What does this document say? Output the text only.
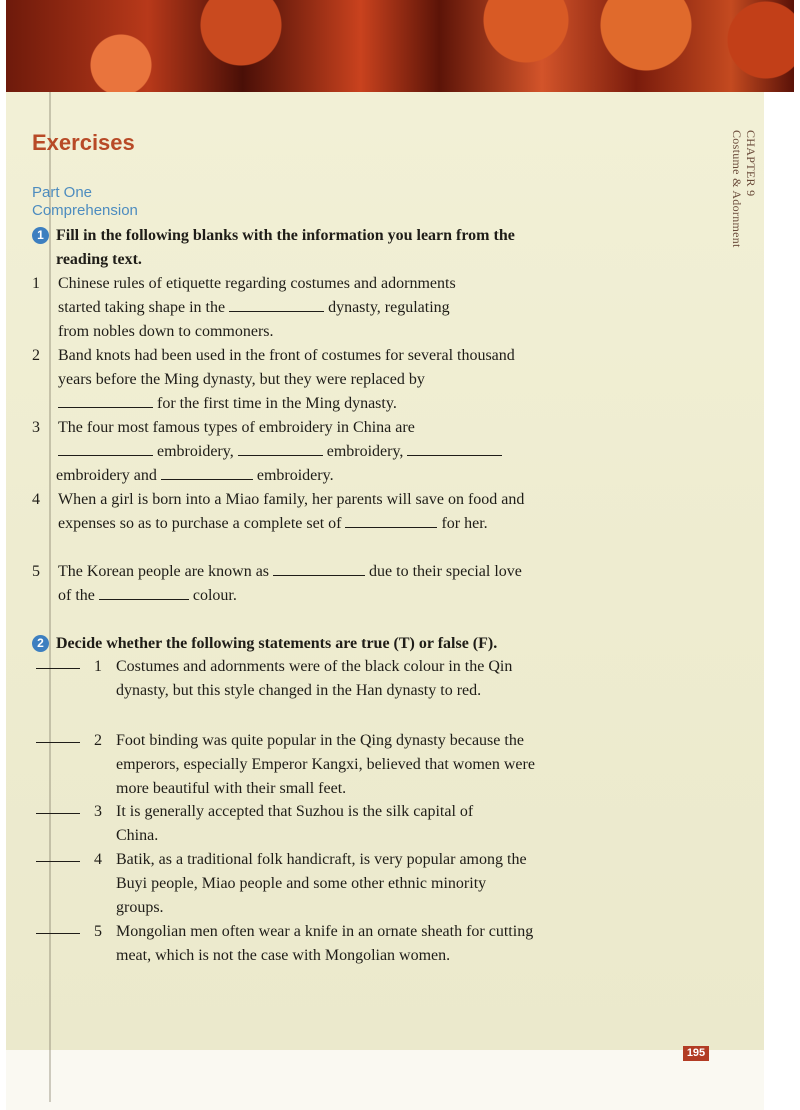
Exercises
Part One
Comprehension
CHAPTER 9
Costume & Adornment
1 Fill in the following blanks with the information you learn from the reading text.
1	Chinese rules of etiquette regarding costumes and adornments started taking shape in the	dynasty, regulating from nobles down to commoners.
2	Band knots had been used in the front of costumes for several thousand years before the Ming dynasty, but they were replaced by  for the first time in the Ming dynasty.
3	The four most famous types of embroidery in China are
embroidery,	embroidery,
embroidery and	embroidery.
4	When a girl is born into a Miao family, her parents will save on food and expenses so as to purchase a complete set of	for her.
5	The Korean people are known as	due to their special love of the	colour.
2 Decide whether the following statements are true (T) or false (F).
1 Costumes and adornments were of the black colour in the Qin dynasty, but this style changed in the Han dynasty to red.
2 Foot binding was quite popular in the Qing dynasty because the emperors, especially Emperor Kangxi, believed that women were more beautiful with their small feet.
3 It is generally accepted that Suzhou is the silk capital of China.
4 Batik, as a traditional folk handicraft, is very popular among the Buyi people, Miao people and some other ethnic minority groups.
5 Mongolian men often wear a knife in an ornate sheath for cutting meat, which is not the case with Mongolian women.
195
